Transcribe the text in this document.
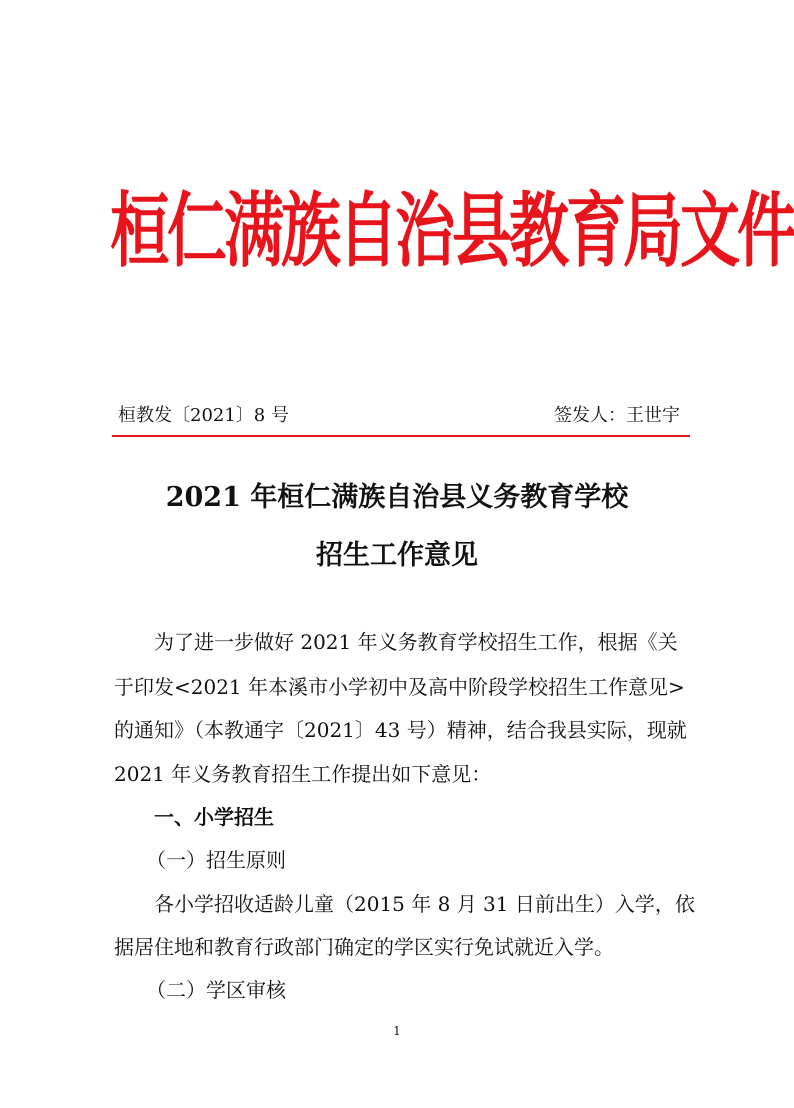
桓仁满族自治县教育局文件
桓教发〔2021〕8 号	签发人：王世宇
2021 年桓仁满族自治县义务教育学校
招生工作意见
为了进一步做好 2021 年义务教育学校招生工作，根据《关
于印发<2021 年本溪市小学初中及高中阶段学校招生工作意见>
的通知》（本教通字〔2021〕43 号）精神，结合我县实际，现就
2021 年义务教育招生工作提出如下意见：
一、小学招生
（一）招生原则
各小学招收适龄儿童（2015 年 8 月 31 日前出生）入学，依
据居住地和教育行政部门确定的学区实行免试就近入学。
（二）学区审核
1
